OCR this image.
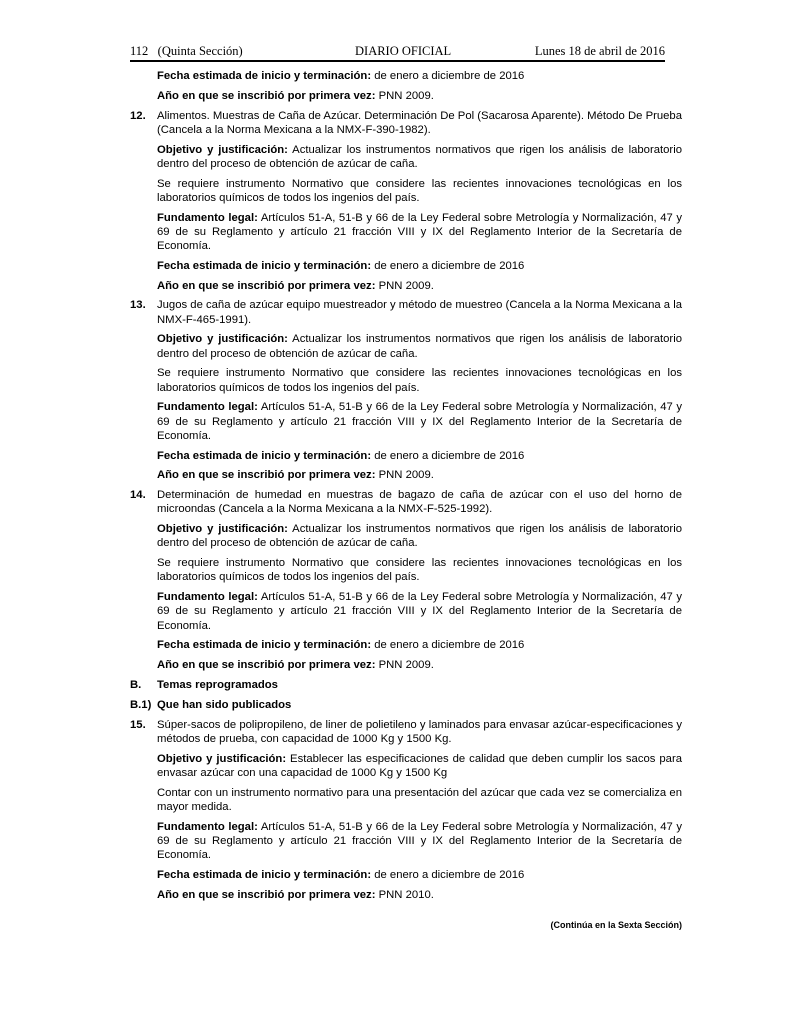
112 (Quinta Sección)	DIARIO OFICIAL	Lunes 18 de abril de 2016

Fecha estimada de inicio y terminación: de enero a diciembre de 2016

Año en que se inscribió por primera vez: PNN 2009.

12. Alimentos. Muestras de Caña de Azúcar. Determinación De Pol (Sacarosa Aparente). Método De Prueba (Cancela a la Norma Mexicana a la NMX-F-390-1982).

Objetivo y justificación: Actualizar los instrumentos normativos que rigen los análisis de laboratorio dentro del proceso de obtención de azúcar de caña.

Se requiere instrumento Normativo que considere las recientes innovaciones tecnológicas en los laboratorios químicos de todos los ingenios del país.

Fundamento legal: Artículos 51-A, 51-B y 66 de la Ley Federal sobre Metrología y Normalización, 47 y 69 de su Reglamento y artículo 21 fracción VIII y IX del Reglamento Interior de la Secretaría de Economía.

Fecha estimada de inicio y terminación: de enero a diciembre de 2016

Año en que se inscribió por primera vez: PNN 2009.

13. Jugos de caña de azúcar equipo muestreador y método de muestreo (Cancela a la Norma Mexicana a la NMX-F-465-1991).

Objetivo y justificación: Actualizar los instrumentos normativos que rigen los análisis de laboratorio dentro del proceso de obtención de azúcar de caña.

Se requiere instrumento Normativo que considere las recientes innovaciones tecnológicas en los laboratorios químicos de todos los ingenios del país.

Fundamento legal: Artículos 51-A, 51-B y 66 de la Ley Federal sobre Metrología y Normalización, 47 y 69 de su Reglamento y artículo 21 fracción VIII y IX del Reglamento Interior de la Secretaría de Economía.

Fecha estimada de inicio y terminación: de enero a diciembre de 2016

Año en que se inscribió por primera vez: PNN 2009.

14. Determinación de humedad en muestras de bagazo de caña de azúcar con el uso del horno de microondas (Cancela a la Norma Mexicana a la NMX-F-525-1992).

Objetivo y justificación: Actualizar los instrumentos normativos que rigen los análisis de laboratorio dentro del proceso de obtención de azúcar de caña.

Se requiere instrumento Normativo que considere las recientes innovaciones tecnológicas en los laboratorios químicos de todos los ingenios del país.

Fundamento legal: Artículos 51-A, 51-B y 66 de la Ley Federal sobre Metrología y Normalización, 47 y 69 de su Reglamento y artículo 21 fracción VIII y IX del Reglamento Interior de la Secretaría de Economía.

Fecha estimada de inicio y terminación: de enero a diciembre de 2016

Año en que se inscribió por primera vez: PNN 2009.

B.	Temas reprogramados
B.1) Que han sido publicados
15. Súper-sacos de polipropileno, de liner de polietileno y laminados para envasar azúcar-especificaciones y métodos de prueba, con capacidad de 1000 Kg y 1500 Kg.

Objetivo y justificación: Establecer las especificaciones de calidad que deben cumplir los sacos para envasar azúcar con una capacidad de 1000 Kg y 1500 Kg

Contar con un instrumento normativo para una presentación del azúcar que cada vez se comercializa en mayor medida.

Fundamento legal: Artículos 51-A, 51-B y 66 de la Ley Federal sobre Metrología y Normalización, 47 y 69 de su Reglamento y artículo 21 fracción VIII y IX del Reglamento Interior de la Secretaría de Economía.

Fecha estimada de inicio y terminación: de enero a diciembre de 2016

Año en que se inscribió por primera vez: PNN 2010.

(Continúa en la Sexta Sección)
